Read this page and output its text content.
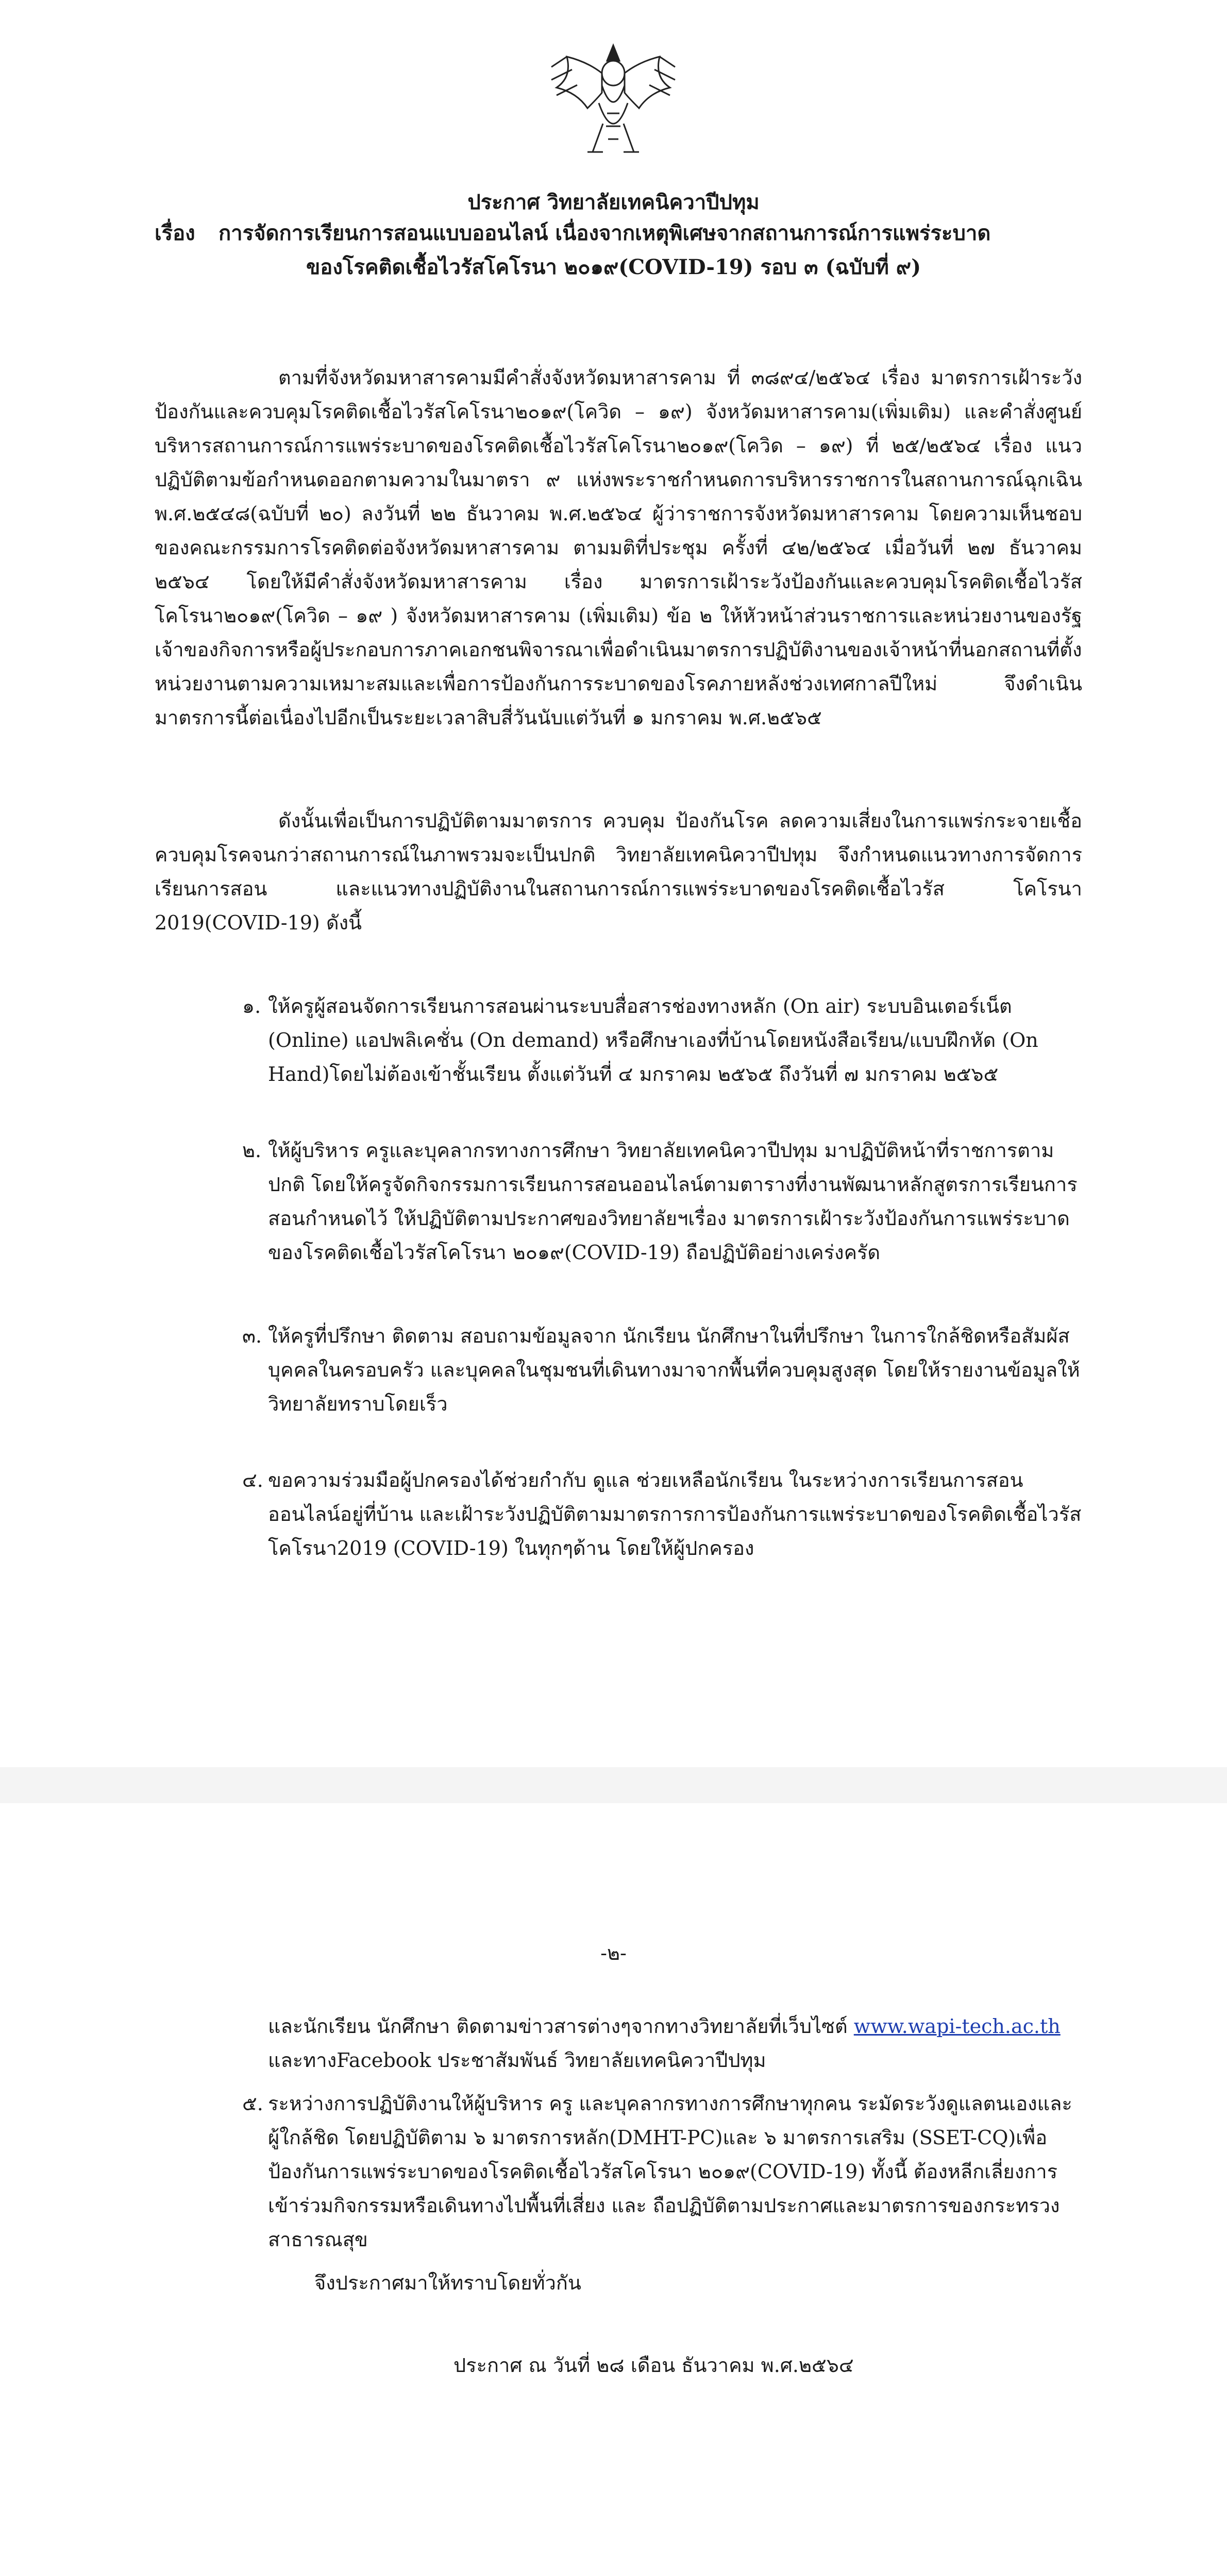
ประกาศ วิทยาลัยเทคนิควาปีปทุม
เรื่อง การจัดการเรียนการสอนแบบออนไลน์ เนื่องจากเหตุพิเศษจากสถานการณ์การแพร่ระบาด
ของโรคติดเชื้อไวรัสโคโรนา ๒๐๑๙(COVID-19) รอบ ๓ (ฉบับที่ ๙)

ตามที่จังหวัดมหาสารคามมีคำสั่งจังหวัดมหาสารคาม ที่ ๓๘๙๔/๒๕๖๔ เรื่อง มาตรการเฝ้าระวัง ป้องกันและควบคุมโรคติดเชื้อไวรัสโคโรนา๒๐๑๙(โควิด – ๑๙) จังหวัดมหาสารคาม(เพิ่มเติม) และคำสั่งศูนย์บริหารสถานการณ์การแพร่ระบาดของโรคติดเชื้อไวรัสโคโรนา๒๐๑๙(โควิด – ๑๙) ที่ ๒๕/๒๕๖๔ เรื่อง แนวปฏิบัติตามข้อกำหนดออกตามความในมาตรา ๙ แห่งพระราชกำหนดการบริหารราชการในสถานการณ์ฉุกเฉิน พ.ศ.๒๕๔๘(ฉบับที่ ๒๐) ลงวันที่ ๒๒ ธันวาคม พ.ศ.๒๕๖๔ ผู้ว่าราชการจังหวัดมหาสารคาม โดยความเห็นชอบของคณะกรรมการโรคติดต่อจังหวัดมหาสารคาม ตามมติที่ประชุม ครั้งที่ ๔๒/๒๕๖๔ เมื่อวันที่ ๒๗ ธันวาคม ๒๕๖๔ โดยให้มีคำสั่งจังหวัดมหาสารคาม เรื่อง มาตรการเฝ้าระวังป้องกันและควบคุมโรคติดเชื้อไวรัสโคโรนา๒๐๑๙(โควิด – ๑๙ ) จังหวัดมหาสารคาม (เพิ่มเติม) ข้อ ๒ ให้หัวหน้าส่วนราชการและหน่วยงานของรัฐ เจ้าของกิจการหรือผู้ประกอบการภาคเอกชนพิจารณาเพื่อดำเนินมาตรการปฏิบัติงานของเจ้าหน้าที่นอกสถานที่ตั้งหน่วยงานตามความเหมาะสมและเพื่อการป้องกันการระบาดของโรคภายหลังช่วงเทศกาลปีใหม่ จึงดำเนินมาตรการนี้ต่อเนื่องไปอีกเป็นระยะเวลาสิบสี่วันนับแต่วันที่ ๑ มกราคม พ.ศ.๒๕๖๕

ดังนั้นเพื่อเป็นการปฏิบัติตามมาตรการ ควบคุม ป้องกันโรค ลดความเสี่ยงในการแพร่กระจายเชื้อ ควบคุมโรคจนกว่าสถานการณ์ในภาพรวมจะเป็นปกติ วิทยาลัยเทคนิควาปีปทุม จึงกำหนดแนวทางการจัดการเรียนการสอน และแนวทางปฏิบัติงานในสถานการณ์การแพร่ระบาดของโรคติดเชื้อไวรัส โคโรนา 2019(COVID-19) ดังนี้

๑. ให้ครูผู้สอนจัดการเรียนการสอนผ่านระบบสื่อสารช่องทางหลัก (On air) ระบบอินเตอร์เน็ต (Online) แอปพลิเคชั่น (On demand) หรือศึกษาเองที่บ้านโดยหนังสือเรียน/แบบฝึกหัด (On Hand)โดยไม่ต้องเข้าชั้นเรียน ตั้งแต่วันที่ ๔ มกราคม ๒๕๖๕ ถึงวันที่ ๗ มกราคม ๒๕๖๕
๒. ให้ผู้บริหาร ครูและบุคลากรทางการศึกษา วิทยาลัยเทคนิควาปีปทุม มาปฏิบัติหน้าที่ราชการตามปกติ โดยให้ครูจัดกิจกรรมการเรียนการสอนออนไลน์ตามตารางที่งานพัฒนาหลักสูตรการเรียนการสอนกำหนดไว้ ให้ปฏิบัติตามประกาศของวิทยาลัยฯเรื่อง มาตรการเฝ้าระวังป้องกันการแพร่ระบาดของโรคติดเชื้อไวรัสโคโรนา ๒๐๑๙(COVID-19) ถือปฏิบัติอย่างเคร่งครัด
๓. ให้ครูที่ปรึกษา ติดตาม สอบถามข้อมูลจาก นักเรียน นักศึกษาในที่ปรึกษา ในการใกล้ชิดหรือสัมผัสบุคคลในครอบครัว และบุคคลในชุมชนที่เดินทางมาจากพื้นที่ควบคุมสูงสุด โดยให้รายงานข้อมูลให้วิทยาลัยทราบโดยเร็ว
๔. ขอความร่วมมือผู้ปกครองได้ช่วยกำกับ ดูแล ช่วยเหลือนักเรียน ในระหว่างการเรียนการสอนออนไลน์อยู่ที่บ้าน และเฝ้าระวังปฏิบัติตามมาตรการการป้องกันการแพร่ระบาดของโรคติดเชื้อไวรัสโคโรนา2019 (COVID-19) ในทุกๆด้าน โดยให้ผู้ปกครอง
-๒-
และนักเรียน นักศึกษา ติดตามข่าวสารต่างๆจากทางวิทยาลัยที่เว็บไซต์ www.wapi-tech.ac.th และทางFacebook ประชาสัมพันธ์ วิทยาลัยเทคนิควาปีปทุม
๕. ระหว่างการปฏิบัติงานให้ผู้บริหาร ครู และบุคลากรทางการศึกษาทุกคน ระมัดระวังดูแลตนเองและผู้ใกล้ชิด โดยปฏิบัติตาม ๖ มาตรการหลัก(DMHT-PC)และ ๖ มาตรการเสริม (SSET-CQ)เพื่อป้องกันการแพร่ระบาดของโรคติดเชื้อไวรัสโคโรนา ๒๐๑๙(COVID-19) ทั้งนี้ ต้องหลีกเลี่ยงการเข้าร่วมกิจกรรมหรือเดินทางไปพื้นที่เสี่ยง และ ถือปฏิบัติตามประกาศและมาตรการของกระทรวงสาธารณสุข
จึงประกาศมาให้ทราบโดยทั่วกัน
ประกาศ ณ วันที่ ๒๘ เดือน ธันวาคม พ.ศ.๒๕๖๔
